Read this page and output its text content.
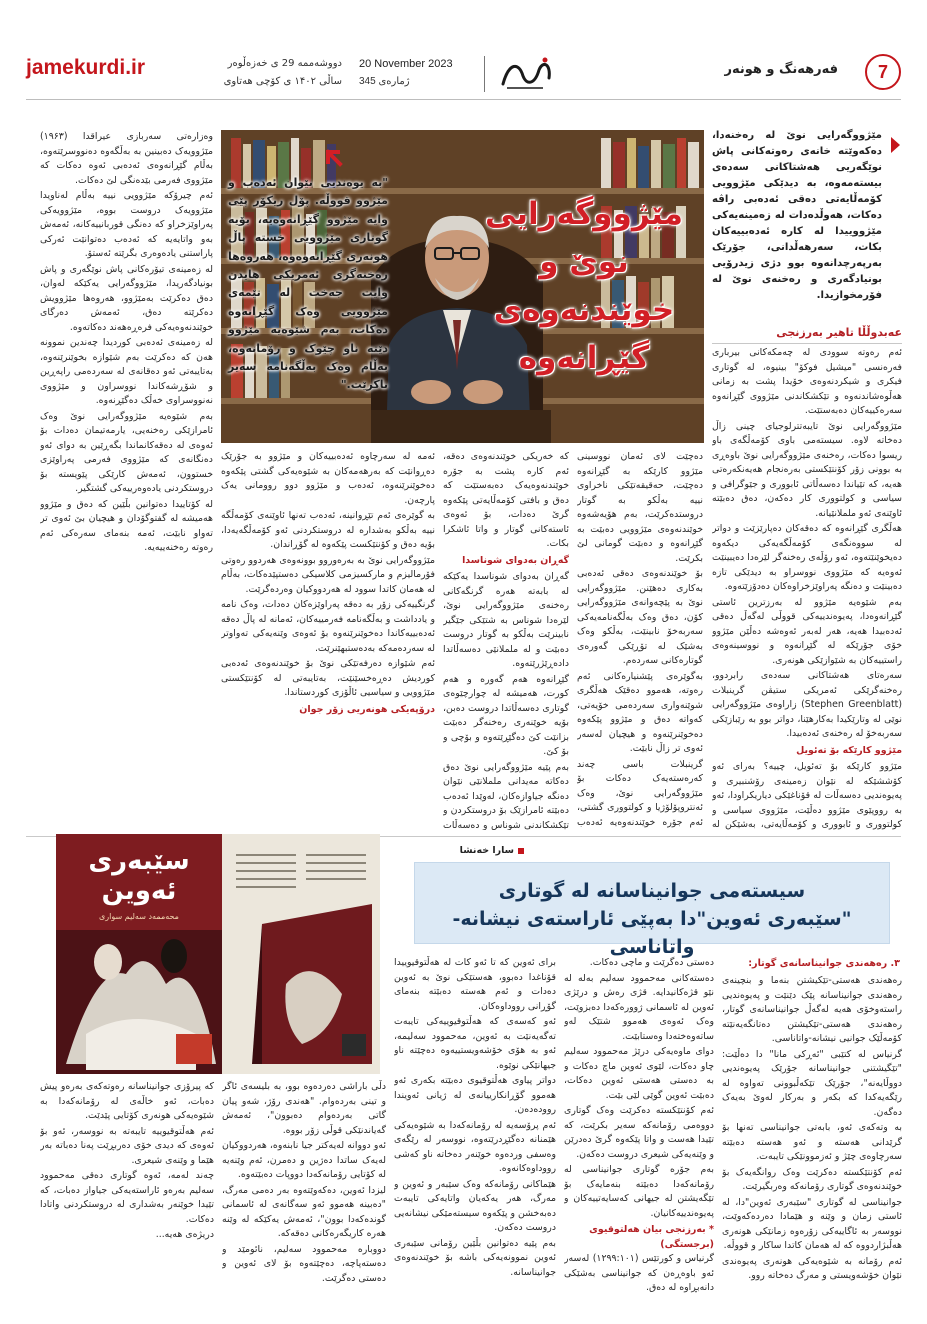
jamekurdi.ir	20 November 2023
ژمارەی 345
دووشەممە 29 ی خەزەڵوەر
ساڵی ۱۴۰۲ ی کۆچی هەتاوی
فەرهەنگ و هونەر	7
مێژووگەرایی نوێ لە رەخنەدا، دەکەوێتە خانەی رەوتەکانی پاش نوێگەریی هەشتاکانی سەدەی بیستەمەوە، بە دیدێکی مێژوویی کۆمەڵایەتی دەقی ئەدەبی راڤە دەکات، هەوڵدەدات لە زەمینەیەکی مێژووییدا لە کارە ئەدەبییەکان بکات، سەرهەڵدانی، جۆرێک بەرپەرچدانەوە بوو دژی زیدرۆیی بونیادگەری و رەخنەی نوێ لە فۆرمخوازیدا.
عەبدوڵڵا تاهیر بەرزنجی
مێژووگەرایی
نوێ و
خوێندنەوەی
گێڕانەوە
"بە یوەندیی نێوان ئەدەب و مێژوو قووڵە. پۆل ریکۆر پێی وایە مێژوو گێڕانەوەیە، بۆیە گوتاری مێژوویی خستە پاڵ هونەری گێڕانەوەوە، هەروەها رەخنەگری ئەمریکی هایدن وایت جەخت لە تێمەی مێژوویی وەک گێڕانەوە دەکات، بەم شێوەیە مێژوو دێتە ناو چێوک و رۆمانەوە، بەڵام وەک بەڵگەنامە سەیر ناکرێت."

ئەم رەوتە سوودی لە چەمکەکانی بیرباری فەرەنسی "میشیل فوکۆ" بینیوە، لە گوتاری فیکری و شیکردنەوەی خۆیدا پشت بە زمانی هەڵوەشاندنەوە و تێکشکاندنی مێژووی گێڕانەوە سەرەکییەکان دەبەستێت.

مێژووگەرایی نوێ تایبەتترلوجیای چینی زاڵ دەخاتە لاوە. سیستەمی باوی کۆمەڵگەی باو ریسوا دەکات، رەخنەی مێژووگەرایی نوێ باوەڕی بە بوونی زۆر کۆنتێکستی بەرەنجام هەیەنکەرەتی هەیە، کە تێیاندا دەسەڵاتی ئابووری و جێوگرافی و سیاسی و کولتووری کار دەکەن، دەق دەبێتە ئاوێنەی ئەو ململانێیانە.

هەڵگری گێڕانەوە کە دەقەکان دەپارێزێت و دواتر لە سووەنگەی کۆمەڵگەیەکی دیکەوە دەیخوێنێتەوە، ئەو رۆڵەی رەخنەگر لێرەدا دەیبینێت ئەوەیە کە مێژووی نووسراو بە دیدێکی تازە دەبینێت و دەنگە پەراوێزخراوەکان دەدۆزێتەوە.

بەم شێوەیە مێژوو لە بەرزترین ئاستی گێڕانەوەدا، پەیوەندییەکی قووڵی لەگەڵ دەقی ئەدەبیدا هەیە، هەر لەبەر ئەوەشە دەڵێن مێژوو خۆی جۆرێکە لە گێڕانەوە و نووسینەوەی راستییەکان بە شێوازێکی هونەری.

سەرەتای هەشتاکانی سەدەی رابردوو، رەخنەگرێکی ئەمریکی ستیڤن گرینبلات (Stephen Greenblatt) زاراوەی مێژووگەرایی نوێی لە وتارێکیدا بەکارهێنا، دواتر بوو بە رێبازێکی سەربەخۆ لە رەخنەی ئەدەبیدا.

مێژوو کارێکە بۆ تەئویل

مێژوو کارێکە بۆ تەئویل، چییە؟ بەرای ئەو کۆششێکە لە نێوان زەمینەی رۆشنبیری و پەیوەندیی دەسەڵات لە قۆناغێکی دیاریکراودا، ئەو بە رووپێوی مێژوو دەڵێت، مێژووی سیاسی و کولتووری و ئابووری و کۆمەڵایەتی، بەشێکن لە

دەچێت لای ئەمان نووسینی مێژوو کارێکە بە گێڕانەوە دەچێت، حەقیقەتێکی ناخراوی نییە بەڵکو بە گوتار دروستدەکرێت، بەم هۆیەشەوە خوێندنەوەی مێژوویی دەبێت بە گێڕانەوە و دەبێت گومانی لێ بکرێت.

بۆ خوێندنەوەی دەقی ئەدەبی بەکاری دەهێنن. مێژووگەرایی نوێ بە پێچەوانەی مێژووگەرایی کۆن، دەق وەک بەڵگەنامەیەکی سەربەخۆ نابینێت، بەڵکو وەک بەشێک لە تۆڕێکی گەورەی گوتارەکانی سەردەم.

بەگوێرەی پێشنیارەکانی ئەم رەوتە، هەموو دەقێک هەڵگری شوێنەواری سەردەمی خۆیەتی، کەواتە دەق و مێژوو پێکەوە دەخوێنرێنەوە و هیچیان لەسەر ئەوی تر زاڵ نابێت.

گرینبلات باسی چەند کەرەستەیەک دەکات بۆ مێژووگەرایی نوێ، وەک ئەنتروپۆلۆژیا و کولتووری گشتی، ئەم جۆرە خوێندنەوەیە ئەدەب

کە خەریکی خوێندنەوەی دەقە، ئەم کارە پشت بە جۆرە خوێندنەوەیەک دەبەستێت کە دەق و بافتی کۆمەڵایەتی پێکەوە گرێ دەدات، بۆ ئەوەی ئاستەکانی گوتار و واتا ئاشکرا بکات.

گەڕان بەدوای شوناسدا

گەڕان بەدوای شوناسدا یەکێکە لە بابەتە هەرە گرنگەکانی رەخنەی مێژووگەرایی نوێ، لێرەدا شوناس بە شتێکی جێگیر نابینرێت بەڵکو بە گوتار دروست دەبێت و لە ململانێی دەسەڵاتدا دادەڕێژرێتەوە.

گێڕانەوە هەم گەورە و هەم کورت، هەمیشە لە چوارچێوەی گوتاری دەسەڵاتدا دروست دەبن، بۆیە خوێنەری رەخنەگر دەبێت بزانێت کێ دەگێڕێتەوە و بۆچی و بۆ کێ.

بەم پێیە مێژووگەرایی نوێ دەق دەکاتە مەیدانی ململانێی نێوان دەنگە جیاوازەکان، لەوێدا ئەدەب دەبێتە ئامرازێک بۆ دروستکردن و تێکشکاندنی شوناس و دەسەڵات

ئەمە لە سەرچاوە ئەدەبییەکان و مێژوو بە جۆرێک دەڕوانێت کە بەرهەمەکان بە شێوەیەکی گشتی پێکەوە دەخوێنرێنەوە، ئەدەب و مێژوو دوو روومانی یەک پارچەن.

بە گوێرەی ئەم تێڕوانینە، ئەدەب تەنها ئاوێنەی کۆمەڵگە نییە بەڵکو بەشدارە لە دروستکردنی ئەو کۆمەڵگەیەدا، بۆیە دەق و کۆنتێکست پێکەوە لە گۆڕاندان.

مێژووگەرایی نوێ بە بەرەوروو بوونەوەی هەردوو رەوتی فۆرمالیزم و مارکسیزمی کلاسیکی دەستپێدەکات، بەڵام لە هەمان کاتدا سوود لە هەردووکیان وەردەگرێت.

گرنگییەکی زۆر بە دەقە پەراوێزەکان دەدات، وەک نامە و یادداشت و بەڵگەنامە فەرمییەکان، ئەمانە لە پاڵ دەقە ئەدەبییەکاندا دەخوێنرێنەوە بۆ ئەوەی وێنەیەکی تەواوتر لە سەردەمەکە بەدەستبهێنرێت.

ئەم شێوازە دەرفەتێکی نوێ بۆ خوێندنەوەی ئەدەبی کوردیش دەڕەخسێنێت، بەتایبەتی لە کۆنتێکستی مێژوویی و سیاسیی ئاڵۆزی کوردستاندا.

درۆپەیکی هونەریی زۆر جوان

وەزارەتی سەربازی عیراقدا (۱۹۶۳) مێژوویەک دەبینین بە بەڵگەوە دەنووسرێتەوە، بەڵام گێڕانەوەی ئەدەبی ئەوە دەکات کە مێژووی فەرمی بێدەنگی لێ دەکات.

ئەم چیرۆکە مێژوویی نییە بەڵام لەناویدا مێژوویەک دروست بووە، مێژوویەکی پەراوێزخراو کە دەنگی قوربانییەکانە، ئەمەش بەو واتایەیە کە ئەدەب دەتوانێت ئەرکی پاراستنی یادەوەری بگرێتە ئەستۆ.

لە زەمینەی تیۆرەکانی پاش نوێگەری و پاش بونیادگەریدا، مێژووگەرایی یەکێکە لەوان، دەق دەکرێت بەمێژوو، هەروەها مێژوویش دەکرێتە دەق، ئەمەش دەرگای خوێندنەوەیەکی فرەڕەهەند دەکاتەوە.

لە زەمینەی ئەدەبی کوردیدا چەندین نموونە هەن کە دەکرێت بەم شێوازە بخوێنرێنەوە، بەتایبەتی ئەو دەقانەی لە سەردەمی راپەڕین و شۆڕشەکاندا نووسراون و مێژووی نەنووسراوی خەڵک دەگێڕنەوە.

بەم شێوەیە مێژووگەرایی نوێ وەک ئامرازێکی رەخنەیی، یارمەتیمان دەدات بۆ ئەوەی لە دەقەکانماندا بگەڕێین بە دوای ئەو دەنگانەی کە مێژووی فەرمی پەراوێزی خستوون، ئەمەش کارێکی پێویستە بۆ دروستکردنی یادەوەرییەکی گشتگیر.

لە کۆتاییدا دەتوانین بڵێین کە دەق و مێژوو هەمیشە لە گفتوگۆدان و هیچیان بێ ئەوی تر تەواو نابێت، ئەمە بنەمای سەرەکی ئەم رەوتە رەخنەییەیە.

سێبەری ئەوین
محەممەد سەلیم سواری
سارا خەنشا
سیستەمی جوانیناسانە لە گوتاری
"سێبەری ئەوین"دا بەپێی ئاراستەی نیشانە- واتاناسی
۳. رەهەندی جوانیناسانەی گوتار:

رەهەندی هەستی-تێکیشتن بنەما و بنچینەی رەهەندی جوانیناسانە پێک دێنێت و پەیوەندیی راستەوخۆی هەیە لەگەڵ جوانیناسانەی گوتار، رەهەندی هەستی-تێکیشتن دەتانگەیەنێتە کۆمەڵێک جوانیی نیشانە-واتاناسی.

گرنیاس لە کتێبی "ئەڕکی مانا" دا دەڵێت: "تێگیشتنی جوانیناسانە جۆرێک پەیوەندیی دووڵایەنە"، جۆرێک تێکەڵبوونی تەواوە لە رێگەیەکدا کە بکەر و بەرکار لەوێ بەیەک دەگەن.

بە وتەکەی ئەو، بابەتی جوانیناسی تەنها بۆ گرێدانی هەستە و ئەو هەستە دەبێتە سەرچاوەی چێژ و ئەزموونێکی تایبەت.

ئەم کۆنتێکستە دەکرێت وەک روانگەیەک بۆ خوێندنەوەی گوتاری رۆمانەکە وەربگیرێت.

جوانیناسی لە گوتاری "سێبەری ئەوین"دا، لە ئاستی زمان و وێنە و هێمادا دەردەکەوێت، نووسەر بە ئاگاییەکی زۆرەوە زمانێکی هونەری هەڵبژاردووە کە لە هەمان کاتدا ساکار و قووڵە.

ئەم رۆمانە بە شێوەیەکی هونەری پەیوەندی نێوان خۆشەویستی و مەرگ دەخاتە روو.

دەستی دەگرێت و ماچی دەکات.

دەستەکانی مەحموود سەلیم بەلە لە نێو قژەکانیدایە. قژی رەش و درێژی ئەوین لە ئاسمانی ژوورەکەدا دەبزوێت، وەک ئەوەی هەموو شتێک لەو ساتەوەختەدا وەستابێت.

دوای ماوەیەکی درێژ مەحموود سەلیم چاو دەکات، لێوی ئەوین ماچ دەکات و بە دەستی هەستی ئەوین دەکات، دەبێت ئەوین گوێی لێی بێت.

ئەم کۆنتێکستە دەکرێت وەک گوتاری دووەمی رۆمانەکە سەیر بکرێت، کە تێیدا هەست و واتا پێکەوە گرێ دەدرێن و وێنەیەکی شیعری دروست دەکەن.

بەم جۆرە گوتاری جوانیناسی لە رۆمانەکەدا دەبێتە بنەمایەک بۆ تێگەیشتن لە جیهانی کەسایەتییەکان و پەیوەندییەکانیان.

* بەرزنجی بیان هەلتوقیوی (برجستگی)

گرنیاس و کورتێس (۱۲۹۹:۱۰۱) لەسەر ئەو باوەڕەن کە جوانیناسی بەشێکی دانەبڕاوە لە دەق.

برای ئەوین کە تا ئەو کات لە هەڵتوقیوییدا قۆناغدا دەبوو، هەستێکی نوێ بە ئەوین دەدات و ئەم هەستە دەبێتە بنەمای گۆڕانی رووداوەکان.

ئەو کەسەی کە هەڵتوقیوییەکی تایبەت تەگەیەنێت بە ئەوین، مەحموود سەلیمە، ئەو بە هۆی خۆشەویستییەوە دەچێتە ناو جیهانێکی نوێوە.

دواتر پیاوی هەڵتوقیوی دەبێتە بکەری ئەو هەموو گۆڕانکارییانەی لە ژیانی ئەویندا روودەدەن.

ئەم پرۆسەیە لە رۆمانەکەدا بە شێوەیەکی هێمنانە دەگێڕدرێتەوە، نووسەر لە رێگەی وەسفی وردەوە خوێنەر دەخاتە ناو کەشی رووداوەکانەوە.

هێماکانی رۆمانەکە وەک سێبەر و ئەوین و مەرگ، هەر یەکەیان واتایەکی تایبەت دەبەخشن و پێکەوە سیستەمێکی نیشانەیی دروست دەکەن.

بەم پێیە دەتوانین بڵێین رۆمانی سێبەری ئەوین نموونەیەکی باشە بۆ خوێندنەوەی جوانیناسانە.

دڵی باراشی دەردەوە بوو، بە بلیسەی ئاگر و تینی بەردەوام. "هەندی رۆژ، شەو پیان گاتی بەردەوام دەبوون"، ئەمەش گەیاندنێکی قوڵی زۆر بووە.

ئەو دووانە لەیەکتر جیا نابنەوە، هەردووکیان لەیەک ساتدا دەژین و دەمرن، ئەم وێنەیە لە کۆتایی رۆمانەکەدا دووپات دەبێتەوە.

لیزدا ئەوین، دەکەوێتەوە بەر دەمی مەرگ، "دەبینە هەموو ئەو سەگانەی لە ئاسمانی گوندەکەدا بوون"، ئەمەش یەکێکە لە وێنە هەرە کاریگەرەکانی دەقەکە.

دووبارە مەحموود سەلیم، نائومێد و دەستەپاچە، دەچێتەوە بۆ لای ئەوین و دەستی دەگرێت.

کە پیرۆزی جوانیناسانە رەوتەکەی بەرەو پیش دەبات، ئەو خاڵەی لە رۆمانەکەدا بە شێوەیەکی هونەری کۆتایی پێدێت.

ئەم هەڵتوقیوییە تایبەتە بە نووسەر، ئەو بۆ ئەوەی کە دیدی خۆی دەربڕێت پەنا دەباتە بەر هێما و وێنەی شیعری.

چەند لەمە، ئەوە گوتاری دەقی مەحموود سەلیم بەرەو ئاراستەیەکی جیاواز دەبات، کە تێیدا خوێنەر بەشداری لە دروستکردنی واتادا دەکات.

دریژەی هەیە...
